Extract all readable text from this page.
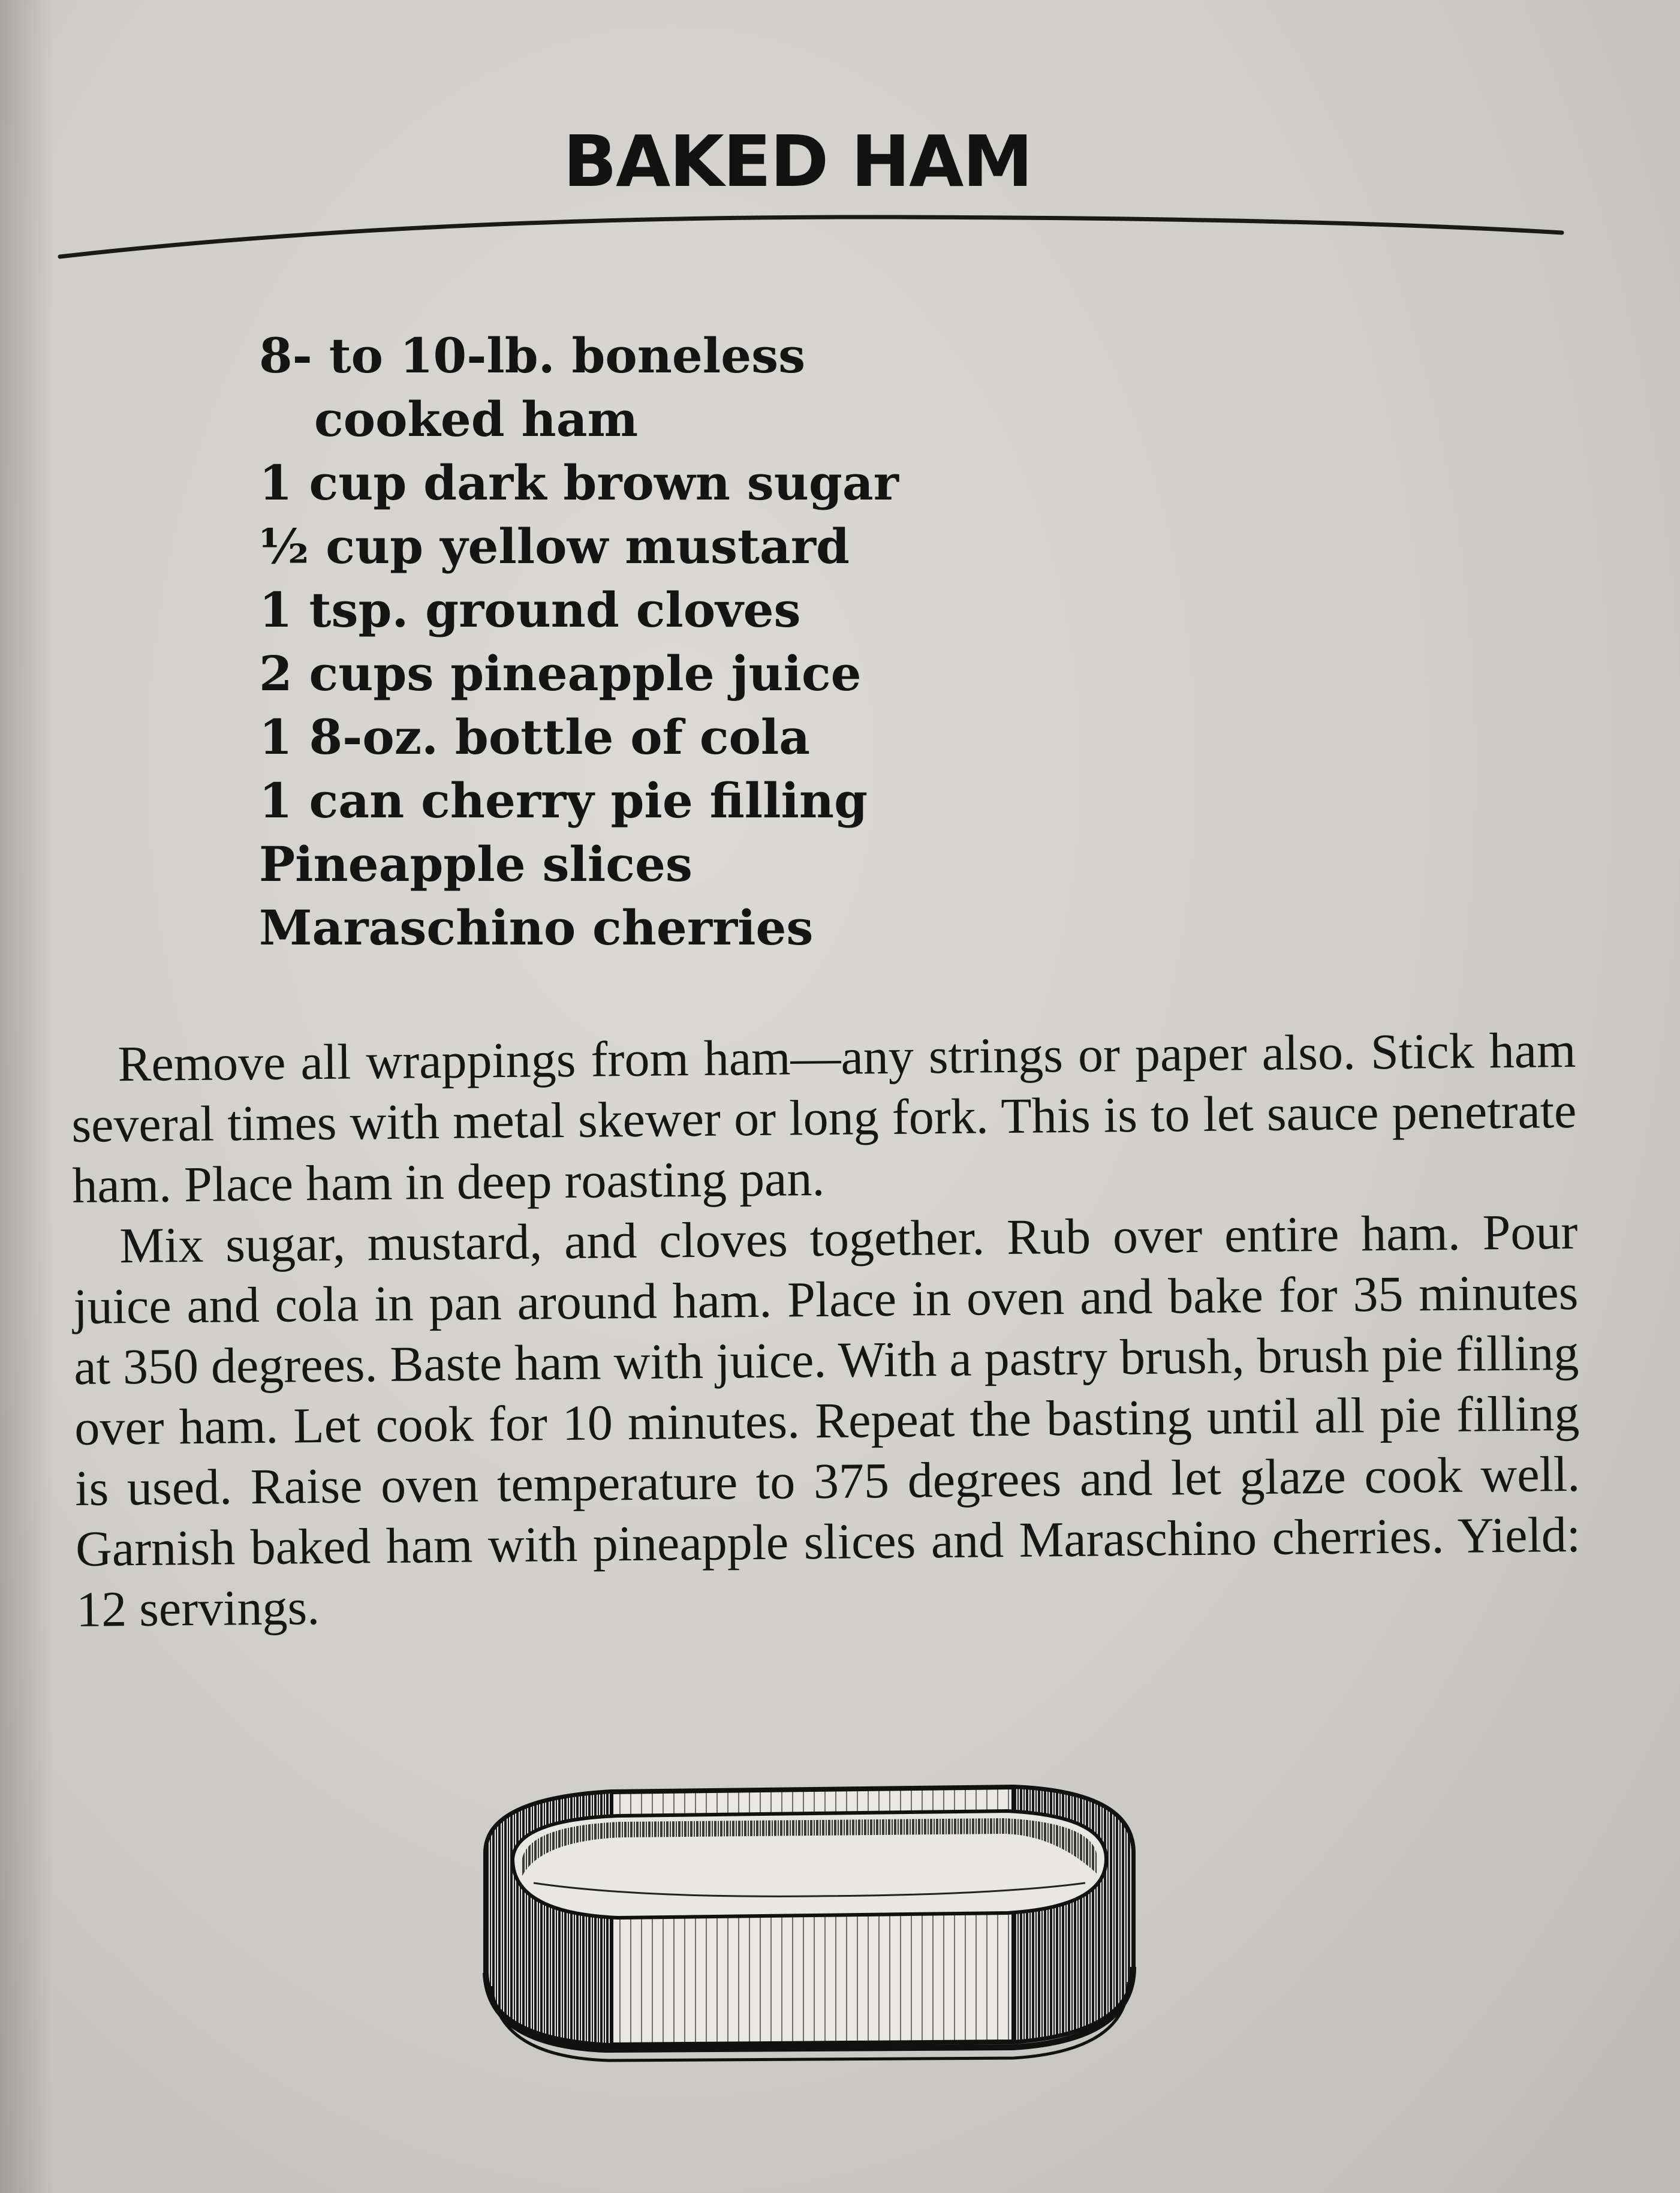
BAKED HAM
8- to 10-lb. boneless
cooked ham
1 cup dark brown sugar
½ cup yellow mustard
1 tsp. ground cloves
2 cups pineapple juice
1 8-oz. bottle of cola
1 can cherry pie filling
Pineapple slices
Maraschino cherries

Remove all wrappings from ham—any strings or paper also. Stick ham several times with metal skewer or long fork. This is to let sauce penetrate ham. Place ham in deep roasting pan.

Mix sugar, mustard, and cloves together. Rub over entire ham. Pour juice and cola in pan around ham. Place in oven and bake for 35 minutes at 350 degrees. Baste ham with juice. With a pastry brush, brush pie filling over ham. Let cook for 10 minutes. Repeat the basting until all pie filling is used. Raise oven temperature to 375 degrees and let glaze cook well. Garnish baked ham with pineapple slices and Maraschino cherries. Yield: 12 servings.
